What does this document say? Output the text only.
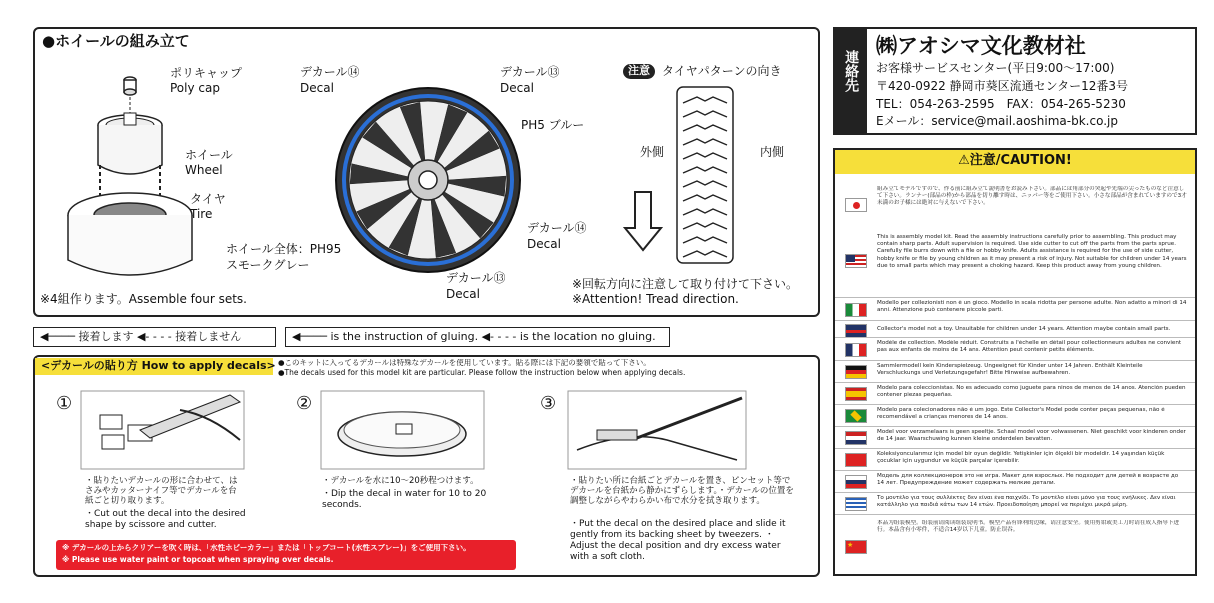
●ホイールの組み立て
ポリキャップ
Poly cap
ホイール
Wheel
タイヤ
Tire
※4組作ります。Assemble four sets.
デカール⑭
Decal
デカール⑬
Decal
PH5 ブルー
デカール⑭
Decal
デカール⑬
Decal
ホイール全体：PH95
スモークグレー
注意	タイヤパターンの向き
外側	内側
※回転方向に注意して取り付けて下さい。
※Attention! Tread direction.
◀──── 接着します ◀- - - - 接着しません	◀──── is the instruction of gluing. ◀- - - - is the location no gluing.
<デカールの貼り方 How to apply decals> ●このキットに入ってるデカールは特殊なデカールを使用しています。貼る際には下記の要領で貼って下さい。
●The decals used for this model kit are particular. Please follow the instruction below when applying decals.
①
・貼りたいデカールの形に合わせて、はさみやカッターナイフ等でデカールを台紙ごと切り取ります。
・Cut out the decal into the desired shape by scissore and cutter.
②
・デカールを水に10〜20秒程つけます。
・Dip the decal in water for 10 to 20 seconds.
③
・貼りたい所に台紙ごとデカールを置き、ピンセット等でデカールを台紙から静かにずらします。・デカールの位置を調整しながらやわらかい布で水分を拭き取ります。
・Put the decal on the desired place and slide it gently from its backing sheet by tweezers. ・Adjust the decal position and dry excess water with a soft cloth.
※ デカールの上からクリアーを吹く時は、「水性ホビーカラー」または「トップコート(水性スプレー)」をご使用下さい。
※ Please use water paint or topcoat when spraying over decals.
連絡先
㈱アオシマ文化教材社
お客様サービスセンター(平日9:00〜17:00)
〒420-0922 静岡市葵区流通センター12番3号
TEL：054-263-2595　FAX：054-265-5230
Eメール：service@mail.aoshima-bk.co.jp
⚠注意/CAUTION!
組み立てモデルですので、作る前に組み立て説明書をお読み下さい。部品には角部分の突起や先端の尖ったものなど注意して下さい。ランナー(部品の枠)から部品を切り離す時は、ニッパー等をご使用下さい。小さな部品が含まれていますので3才未満のお子様には絶対に与えないで下さい。
This is assembly model kit. Read the assembly instructions carefully prior to assembling. This product may contain sharp parts. Adult supervision is required. Use side cutter to cut off the parts from the parts sprue. Carefully file burrs down with a file or hobby knife. Adults assistance is required for the use of side cutter, hobby knife or file by young children as it may present a risk of injury. Not suitable for children under 14 years due to small parts which may present a choking hazard. Keep this product away from young children.
Modello per collezionisti non è un gioco. Modello in scala ridotta per persone adulte. Non adatto a minori di 14 anni. Attenzione può contenere piccole parti.
Collector's model not a toy. Unsuitable for children under 14 years. Attention maybe contain small parts.
Modèle de collection. Modèle réduit. Construits a l'échelle en détail pour collectionneurs adultes ne convient pas aux enfants de moins de 14 ans. Attention peut contenir petits éléments.
Sammlermodell kein Kinderspielzeug. Ungeeignet für Kinder unter 14 Jahren. Enthält Kleinteile Verschluckungs und Verletzungsgefahr! Bitte Hinweise aufbewahren.
Modelo para coleccionistas. No es adecuado como juguete para ninos de menos de 14 anos. Atención pueden contener piezas pequeñas.
Modelo para colecionadores não é um jogo. Este Collector's Model pode conter peças pequenas, não é recomendável a crianças menores de 14 anos.
Model voor verzamelaars is geen speeltje. Schaal model voor volwassenen. Niet geschikt voor kinderen onder de 14 jaar. Waarschuwing kunnen kleine onderdelen bevatten.
Koleksiyoncularımız için model bir oyun değildir. Yetişkinler için ölçekli bir modeldir. 14 yaşından küçük çocuklar için uygundur ve küçük parçalar içerebilir.
Модель для коллекционеров это не игра. Макет для взрослых. Не подходит для детей в возрасте до 14 лет. Предупреждение может содержать мелкие детали.
Το μοντέλο για τους συλλέκτες δεν είναι ένα παιχνίδι. Το μοντέλο είναι μόνο για τους ενήλικες. Δεν είναι κατάλληλο για παιδιά κάτω των 14 ετών. Προειδοποίηση μπορεί να περιέχει μικρά μέρη.
★
本品为组装模型。组装前请阅读组装说明书。模型产品有锋利的边缘，请注意安全。使用剪钳或美工刀时请在成人指导下进行。本品含有小零件，不适合14岁以下儿童。防止误吞。
